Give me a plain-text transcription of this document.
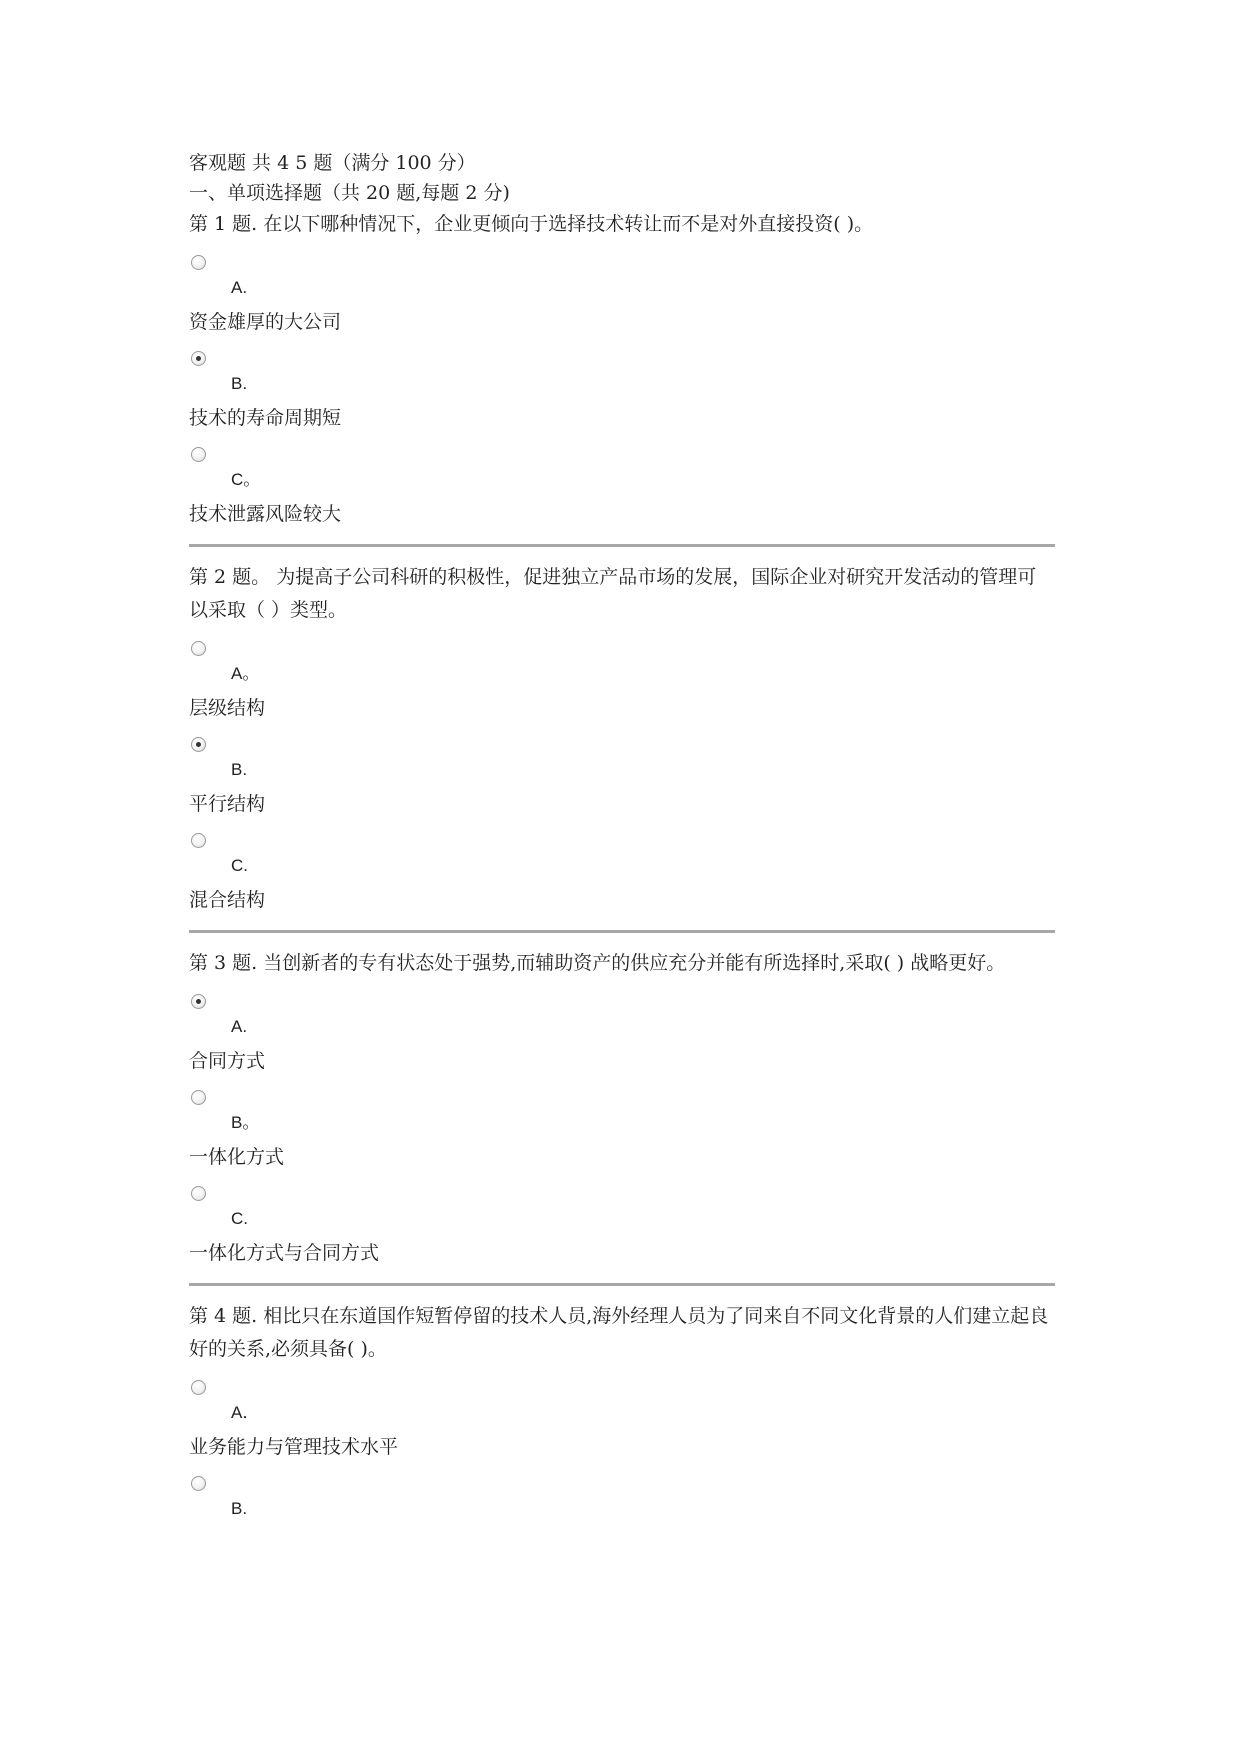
客观题 共 4 5 题（满分 100 分）
一、单项选择题（共 20 题,每题 2 分)
第 1 题. 在以下哪种情况下，企业更倾向于选择技术转让而不是对外直接投资( )。
A.
资金雄厚的大公司
B.
技术的寿命周期短
C。
技术泄露风险较大
第 2 题。 为提高子公司科研的积极性，促进独立产品市场的发展，国际企业对研究开发活动的管理可以采取（ ）类型。
A。
层级结构
B.
平行结构
C.
混合结构
第 3 题. 当创新者的专有状态处于强势,而辅助资产的供应充分并能有所选择时,采取( ) 战略更好。
A.
合同方式
B。
一体化方式
C.
一体化方式与合同方式
第 4 题. 相比只在东道国作短暂停留的技术人员,海外经理人员为了同来自不同文化背景的人们建立起良好的关系,必须具备( )。
A．
业务能力与管理技术水平
B.
